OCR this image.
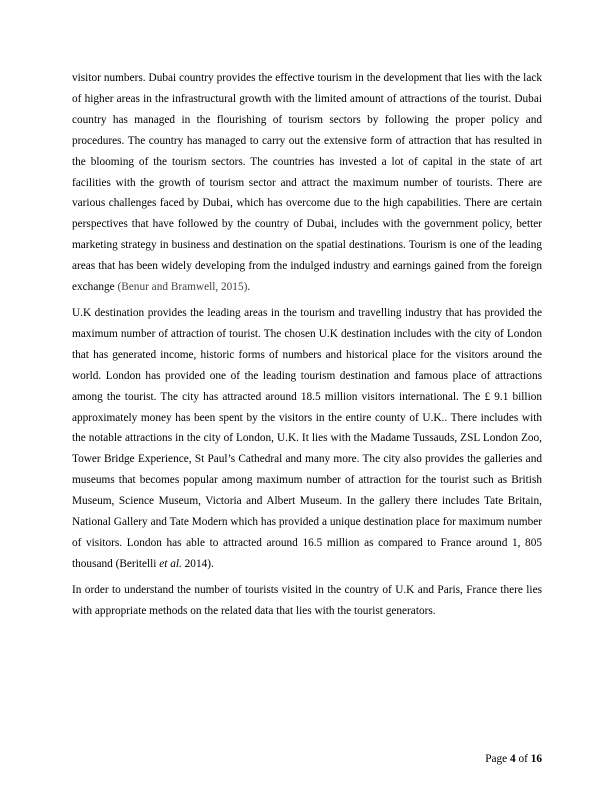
visitor numbers. Dubai country provides the effective tourism in the development that lies with the lack of higher areas in the infrastructural growth with the limited amount of attractions of the tourist. Dubai country has managed in the flourishing of tourism sectors by following the proper policy and procedures. The country has managed to carry out the extensive form of attraction that has resulted in the blooming of the tourism sectors. The countries has invested a lot of capital in the state of art facilities with the growth of tourism sector and attract the maximum number of tourists. There are various challenges faced by Dubai, which has overcome due to the high capabilities. There are certain perspectives that have followed by the country of Dubai, includes with the government policy, better marketing strategy in business and destination on the spatial destinations. Tourism is one of the leading areas that has been widely developing from the indulged industry and earnings gained from the foreign exchange (Benur and Bramwell, 2015).

U.K destination provides the leading areas in the tourism and travelling industry that has provided the maximum number of attraction of tourist. The chosen U.K destination includes with the city of London that has generated income, historic forms of numbers and historical place for the visitors around the world. London has provided one of the leading tourism destination and famous place of attractions among the tourist. The city has attracted around 18.5 million visitors international. The £ 9.1 billion approximately money has been spent by the visitors in the entire county of U.K.. There includes with the notable attractions in the city of London, U.K. It lies with the Madame Tussauds, ZSL London Zoo, Tower Bridge Experience, St Paul’s Cathedral and many more. The city also provides the galleries and museums that becomes popular among maximum number of attraction for the tourist such as British Museum, Science Museum, Victoria and Albert Museum. In the gallery there includes Tate Britain, National Gallery and Tate Modern which has provided a unique destination place for maximum number of visitors. London has able to attracted around 16.5 million as compared to France around 1, 805 thousand (Beritelli et al. 2014).

In order to understand the number of tourists visited in the country of U.K and Paris, France there lies with appropriate methods on the related data that lies with the tourist generators.

Page 4 of 16
